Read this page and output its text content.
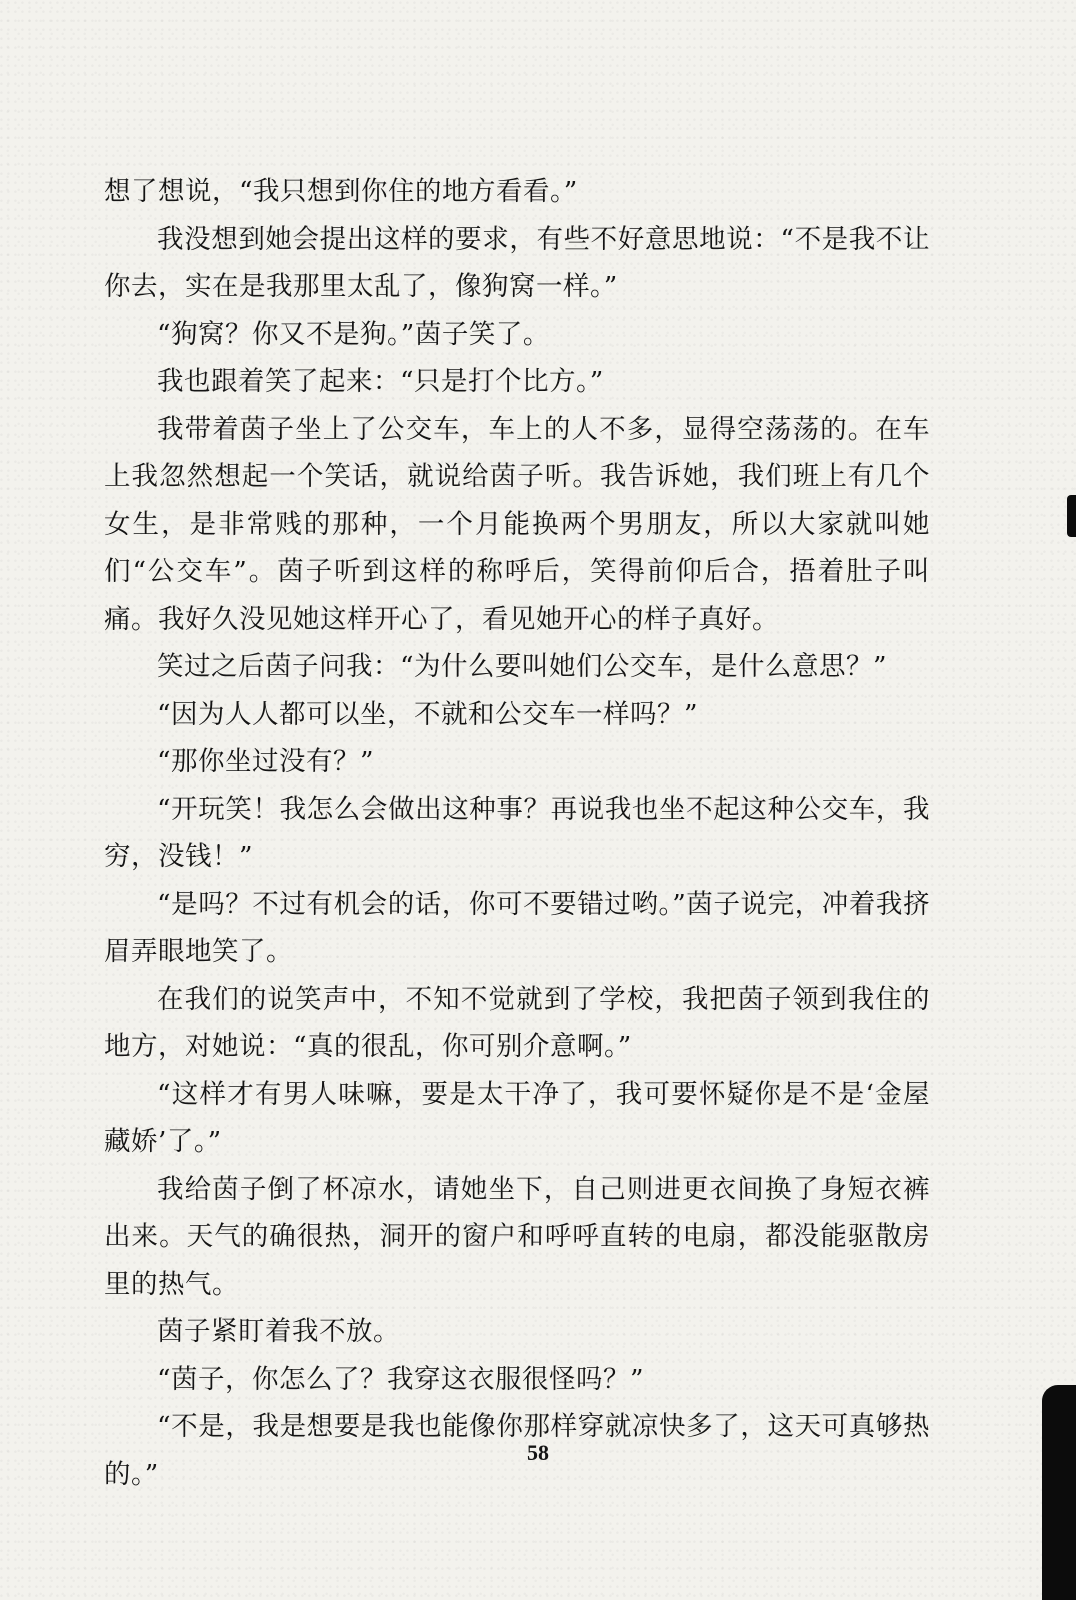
想了想说，“我只想到你住的地方看看。”

我没想到她会提出这样的要求，有些不好意思地说：“不是我不让你去，实在是我那里太乱了，像狗窝一样。”

“狗窝？你又不是狗。”茵子笑了。

我也跟着笑了起来：“只是打个比方。”

我带着茵子坐上了公交车，车上的人不多，显得空荡荡的。在车上我忽然想起一个笑话，就说给茵子听。我告诉她，我们班上有几个女生，是非常贱的那种，一个月能换两个男朋友，所以大家就叫她们“公交车”。茵子听到这样的称呼后，笑得前仰后合，捂着肚子叫痛。我好久没见她这样开心了，看见她开心的样子真好。

笑过之后茵子问我：“为什么要叫她们公交车，是什么意思？”

“因为人人都可以坐，不就和公交车一样吗？”

“那你坐过没有？”

“开玩笑！我怎么会做出这种事？再说我也坐不起这种公交车，我穷，没钱！”

“是吗？不过有机会的话，你可不要错过哟。”茵子说完，冲着我挤眉弄眼地笑了。

在我们的说笑声中，不知不觉就到了学校，我把茵子领到我住的地方，对她说：“真的很乱，你可别介意啊。”

“这样才有男人味嘛，要是太干净了，我可要怀疑你是不是‘金屋藏娇’了。”

我给茵子倒了杯凉水，请她坐下，自己则进更衣间换了身短衣裤出来。天气的确很热，洞开的窗户和呼呼直转的电扇，都没能驱散房里的热气。

茵子紧盯着我不放。

“茵子，你怎么了？我穿这衣服很怪吗？”

“不是，我是想要是我也能像你那样穿就凉快多了，这天可真够热的。”

58
